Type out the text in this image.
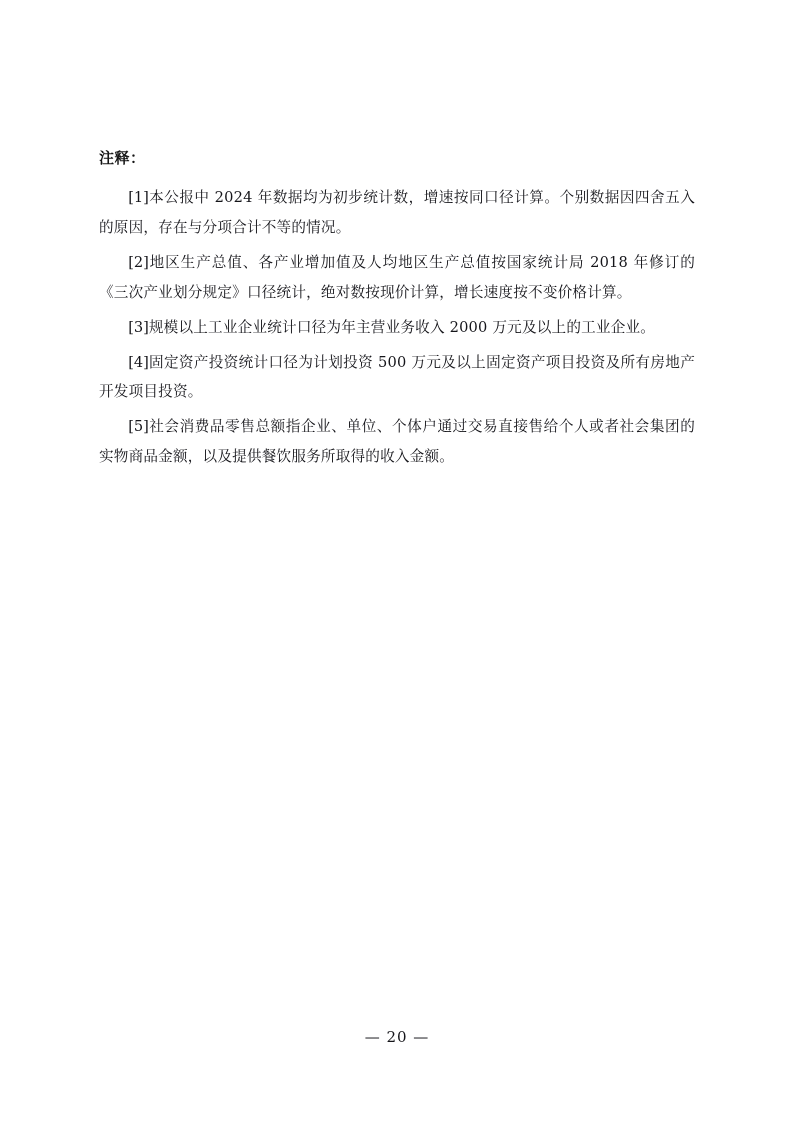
注释：

[1]本公报中 2024 年数据均为初步统计数，增速按同口径计算。个别数据因四舍五入的原因，存在与分项合计不等的情况。

[2]地区生产总值、各产业增加值及人均地区生产总值按国家统计局 2018 年修订的《三次产业划分规定》口径统计，绝对数按现价计算，增长速度按不变价格计算。

[3]规模以上工业企业统计口径为年主营业务收入 2000 万元及以上的工业企业。

[4]固定资产投资统计口径为计划投资 500 万元及以上固定资产项目投资及所有房地产开发项目投资。

[5]社会消费品零售总额指企业、单位、个体户通过交易直接售给个人或者社会集团的实物商品金额，以及提供餐饮服务所取得的收入金额。

— 20 —
